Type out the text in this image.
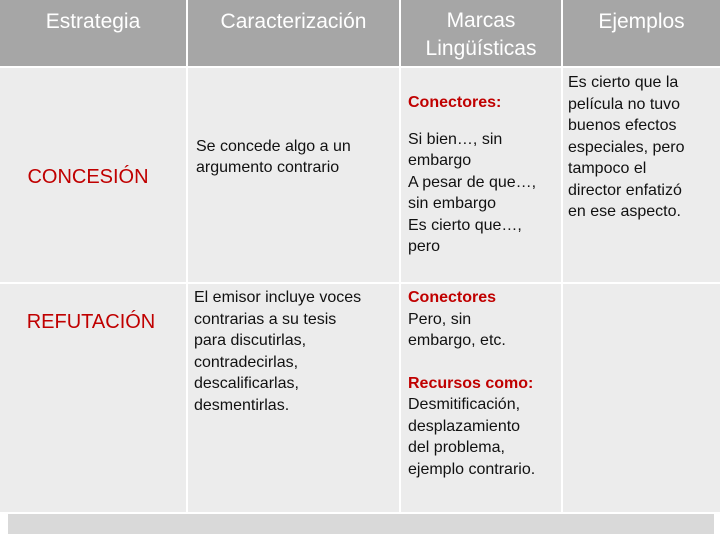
Estrategia	Caracterización	Marcas
Lingüísticas
Ejemplos
CONCESIÓN
Se concede algo a un argumento contrario
Conectores:
Si bien…, sin
embargo
A pesar de que…,
sin embargo
Es cierto que…,
pero
Es cierto que la
película no tuvo
buenos efectos
especiales, pero
tampoco el
director enfatizó
en ese aspecto.
REFUTACIÓN
El emisor incluye voces
contrarias a su tesis
para discutirlas,
contradecirlas,
descalificarlas,
desmentirlas.
Conectores
Pero, sin
embargo, etc.
Recursos como:
Desmitificación,
desplazamiento
del problema,
ejemplo contrario.
